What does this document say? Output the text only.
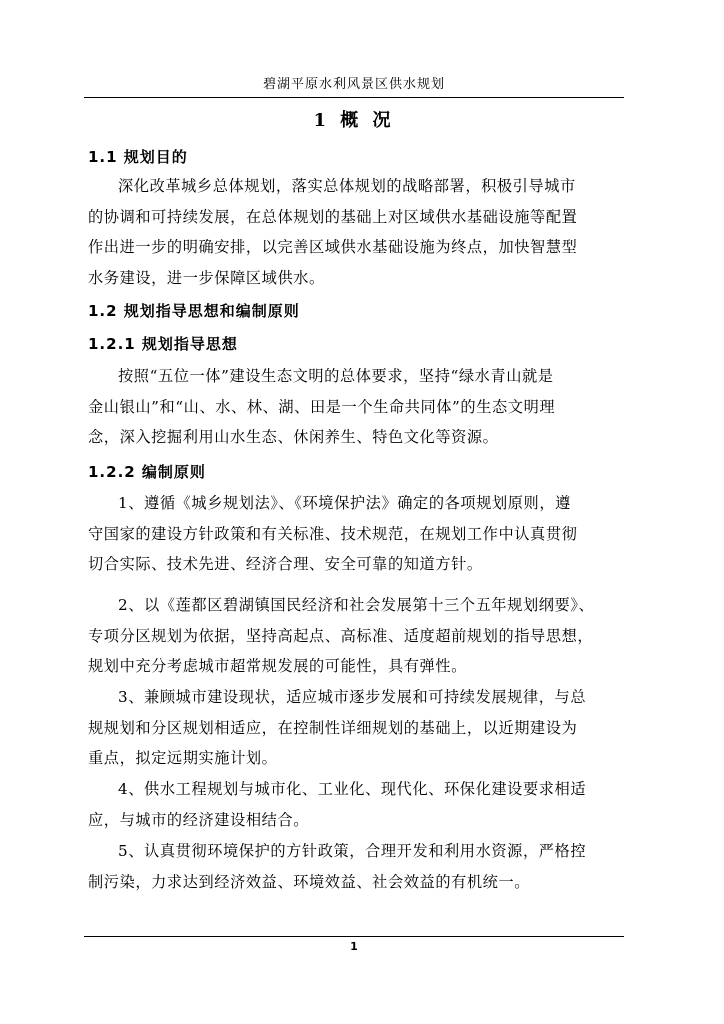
碧湖平原水利风景区供水规划
1 概 况
1.1 规划目的
深化改革城乡总体规划，落实总体规划的战略部署，积极引导城市
的协调和可持续发展，在总体规划的基础上对区域供水基础设施等配置
作出进一步的明确安排，以完善区域供水基础设施为终点，加快智慧型
水务建设，进一步保障区域供水。
1.2 规划指导思想和编制原则
1.2.1 规划指导思想
按照“五位一体”建设生态文明的总体要求，坚持“绿水青山就是
金山银山”和“山、水、林、湖、田是一个生命共同体”的生态文明理
念，深入挖掘利用山水生态、休闲养生、特色文化等资源。
1.2.2 编制原则
1、遵循《城乡规划法》、《环境保护法》确定的各项规划原则，遵
守国家的建设方针政策和有关标准、技术规范，在规划工作中认真贯彻
切合实际、技术先进、经济合理、安全可靠的知道方针。
2、以《莲都区碧湖镇国民经济和社会发展第十三个五年规划纲要》、
专项分区规划为依据，坚持高起点、高标准、适度超前规划的指导思想，
规划中充分考虑城市超常规发展的可能性，具有弹性。
3、兼顾城市建设现状，适应城市逐步发展和可持续发展规律，与总
规规划和分区规划相适应，在控制性详细规划的基础上，以近期建设为
重点，拟定远期实施计划。
4、供水工程规划与城市化、工业化、现代化、环保化建设要求相适
应，与城市的经济建设相结合。
5、认真贯彻环境保护的方针政策，合理开发和利用水资源，严格控
制污染，力求达到经济效益、环境效益、社会效益的有机统一。
1
